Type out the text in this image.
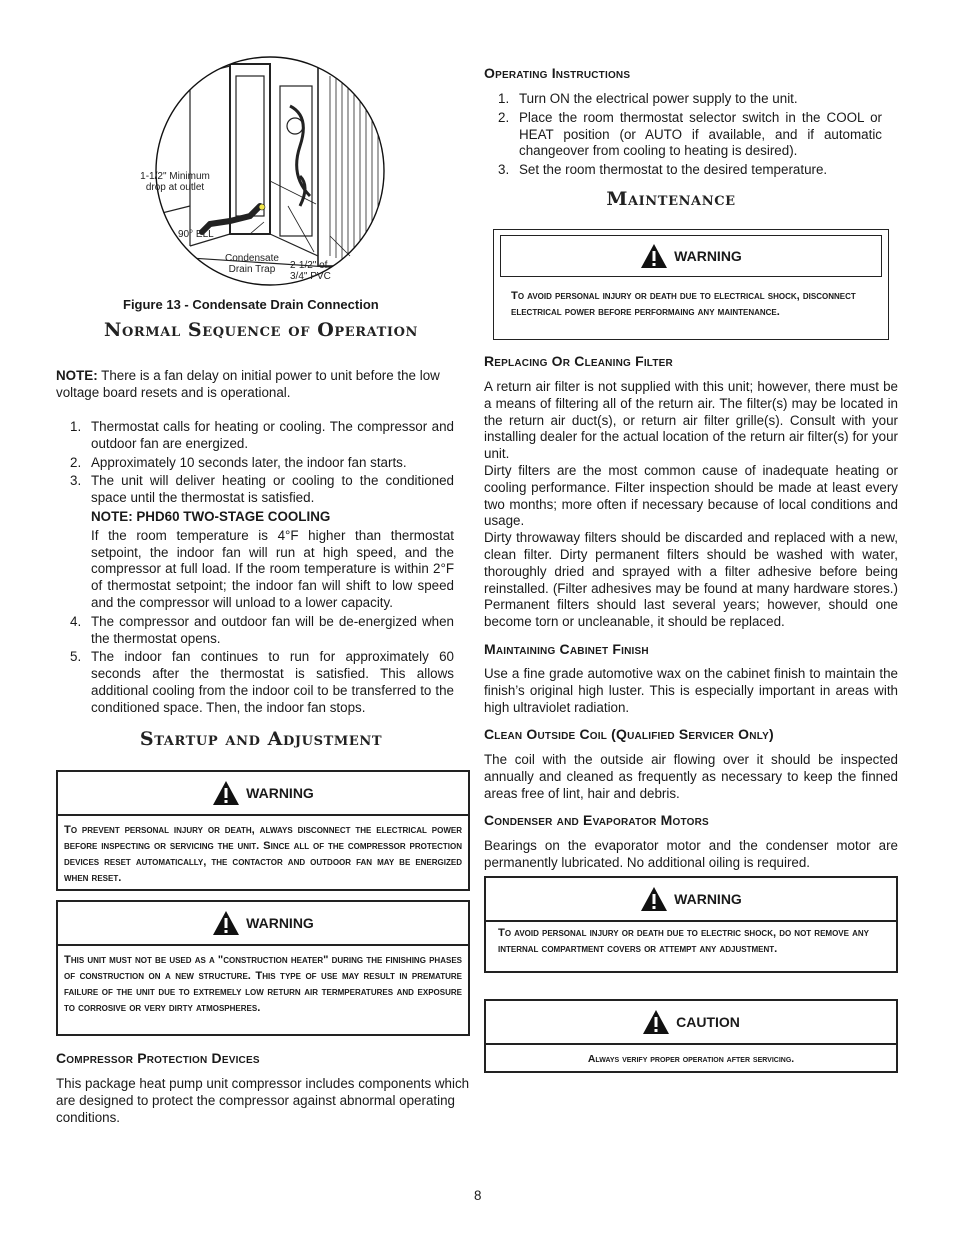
1-1/2" Minimum
drop at outlet
90° ELL
Condensate
Drain Trap	2-1/2" of
3/4" PVC
Figure 13 - Condensate Drain Connection
Normal Sequence of Operation
NOTE: There is a fan delay on initial power to unit before the low voltage board resets and is operational.
1. Thermostat calls for heating or cooling. The compressor and outdoor fan are energized.
2. Approximately 10 seconds later, the indoor fan starts.
3. The unit will deliver heating or cooling to the conditioned space until the thermostat is satisfied.
NOTE: PHD60 TWO-STAGE COOLING
If the room temperature is 4°F higher than thermostat setpoint, the indoor fan will run at high speed, and the compressor at full load. If the room temperature is within 2°F of thermostat setpoint; the indoor fan will shift to low speed and the compressor will unload to a lower capacity.
4. The compressor and outdoor fan will be de-energized when the thermostat opens.
5. The indoor fan continues to run for approximately 60 seconds after the thermostat is satisfied. This allows additional cooling from the indoor coil to be transferred to the conditioned space. Then, the indoor fan stops.
Startup and Adjustment
WARNING
To prevent personal injury or death, always disconnect the electrical power before inspecting or servicing the unit. Since all of the compressor protection devices reset automatically, the contactor and outdoor fan may be energized when reset.
WARNING
This unit must not be used as a "construction heater" during the finishing phases of construction on a new structure. This type of use may result in premature failure of the unit due to extremely low return air termperatures and exposure to corrosive or very dirty atmospheres.
Compressor Protection Devices
This package heat pump unit compressor includes components which are designed to protect the compressor against abnormal operating conditions.
Operating Instructions
1. Turn ON the electrical power supply to the unit.
2. Place the room thermostat selector switch in the COOL or HEAT position (or AUTO if available, and if automatic changeover from cooling to heating is desired).
3. Set the room thermostat to the desired temperature.
Maintenance
WARNING
To avoid personal injury or death due to electrical shock, disconnect electrical power before performaing any maintenance.
Replacing Or Cleaning Filter
A return air filter is not supplied with this unit; however, there must be a means of filtering all of the return air. The filter(s) may be located in the return air duct(s), or return air filter grille(s). Consult with your installing dealer for the actual location of the return air filter(s) for your unit.
Dirty filters are the most common cause of inadequate heating or cooling performance. Filter inspection should be made at least every two months; more often if necessary because of local conditions and usage.
Dirty throwaway filters should be discarded and replaced with a new, clean filter. Dirty permanent filters should be washed with water, thoroughly dried and sprayed with a filter adhesive before being reinstalled. (Filter adhesives may be found at many hardware stores.) Permanent filters should last several years; however, should one become torn or uncleanable, it should be replaced.
Maintaining Cabinet Finish
Use a fine grade automotive wax on the cabinet finish to maintain the finish’s original high luster. This is especially important in areas with high ultraviolet radiation.
Clean Outside Coil (Qualified Servicer Only)
The coil with the outside air flowing over it should be inspected annually and cleaned as frequently as necessary to keep the finned areas free of lint, hair and debris.
Condenser and Evaporator Motors
Bearings on the evaporator motor and the condenser motor are permanently lubricated. No additional oiling is required.
WARNING
To avoid personal injury or death due to electric shock, do not remove any internal compartment covers or attempt any adjustment.
CAUTION
Always verify proper operation after servicing.
8
